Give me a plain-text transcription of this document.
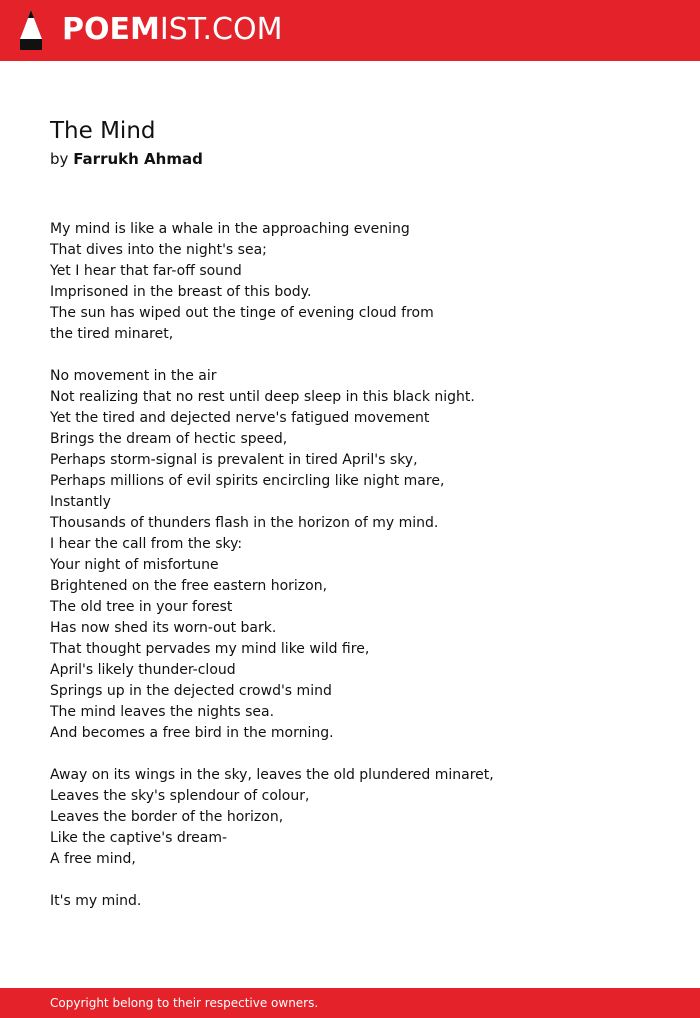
POEMIST.COM
The Mind
by Farrukh Ahmad
My mind is like a whale in the approaching evening
That dives into the night's sea;
Yet I hear that far-off sound
Imprisoned in the breast of this body.
The sun has wiped out the tinge of evening cloud from
the tired minaret,
No movement in the air
Not realizing that no rest until deep sleep in this black night.
Yet the tired and dejected nerve's fatigued movement
Brings the dream of hectic speed,
Perhaps storm-signal is prevalent in tired April's sky,
Perhaps millions of evil spirits encircling like night mare,
Instantly
Thousands of thunders flash in the horizon of my mind.
I hear the call from the sky:
Your night of misfortune
Brightened on the free eastern horizon,
The old tree in your forest
Has now shed its worn-out bark.
That thought pervades my mind like wild fire,
April's likely thunder-cloud
Springs up in the dejected crowd's mind
The mind leaves the nights sea.
And becomes a free bird in the morning.
Away on its wings in the sky, leaves the old plundered minaret,
Leaves the sky's splendour of colour,
Leaves the border of the horizon,
Like the captive's dream-
A free mind,
It's my mind.
Copyright belong to their respective owners.
